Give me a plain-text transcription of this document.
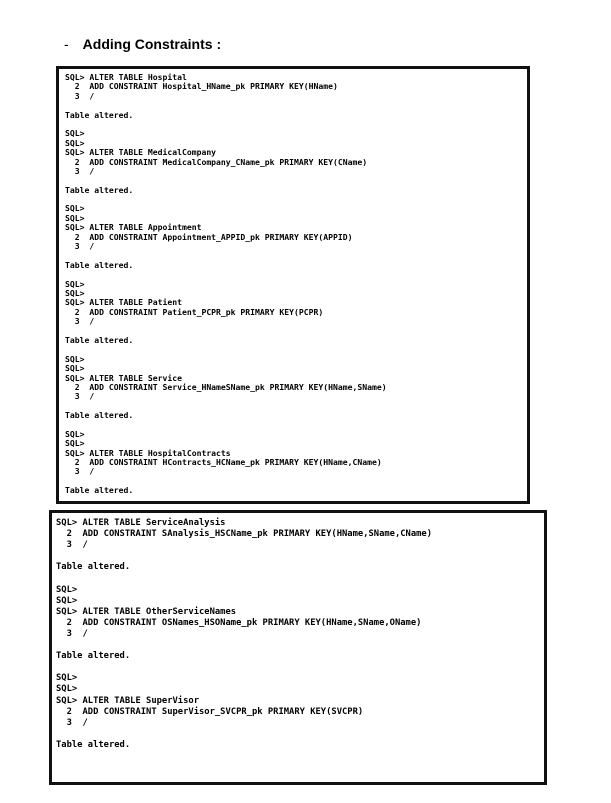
- Adding Constraints :
SQL> ALTER TABLE Hospital
2  ADD CONSTRAINT Hospital_HName_pk PRIMARY KEY(HName)
3  /
Table altered.
SQL>
SQL>
SQL> ALTER TABLE MedicalCompany
2  ADD CONSTRAINT MedicalCompany_CName_pk PRIMARY KEY(CName)
3  /
Table altered.
SQL>
SQL>
SQL> ALTER TABLE Appointment
2  ADD CONSTRAINT Appointment_APPID_pk PRIMARY KEY(APPID)
3  /
Table altered.
SQL>
SQL>
SQL> ALTER TABLE Patient
2  ADD CONSTRAINT Patient_PCPR_pk PRIMARY KEY(PCPR)
3  /
Table altered.
SQL>
SQL>
SQL> ALTER TABLE Service
2  ADD CONSTRAINT Service_HNameSName_pk PRIMARY KEY(HName,SName)
3  /
Table altered.
SQL>
SQL>
SQL> ALTER TABLE HospitalContracts
2  ADD CONSTRAINT HContracts_HCName_pk PRIMARY KEY(HName,CName)
3  /
Table altered.
SQL> ALTER TABLE ServiceAnalysis
2  ADD CONSTRAINT SAnalysis_HSCName_pk PRIMARY KEY(HName,SName,CName)
3  /
Table altered.
SQL>
SQL>
SQL> ALTER TABLE OtherServiceNames
2  ADD CONSTRAINT OSNames_HSOName_pk PRIMARY KEY(HName,SName,OName)
3  /
Table altered.
SQL>
SQL>
SQL> ALTER TABLE SuperVisor
2  ADD CONSTRAINT SuperVisor_SVCPR_pk PRIMARY KEY(SVCPR)
3  /
Table altered.
